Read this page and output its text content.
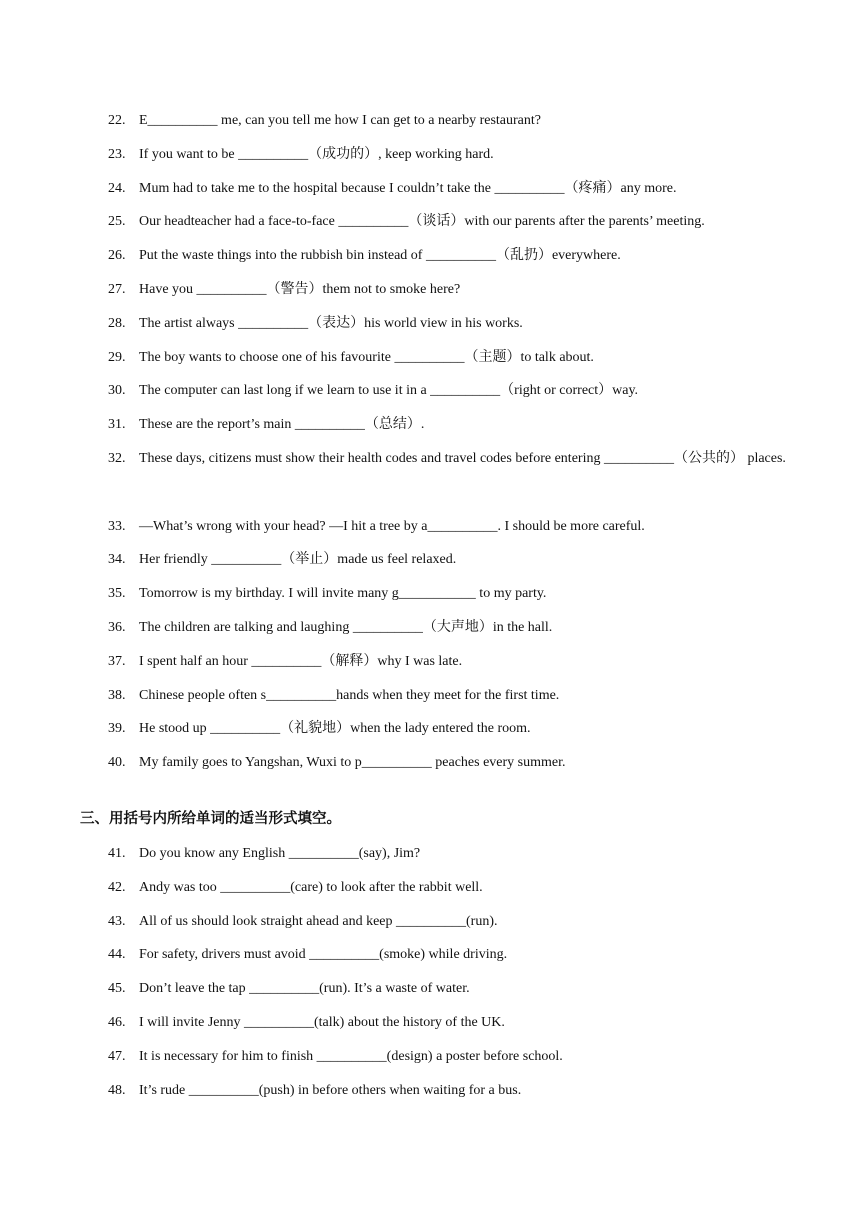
22. E__________ me, can you tell me how I can get to a nearby restaurant?
23. If you want to be __________（成功的）, keep working hard.
24. Mum had to take me to the hospital because I couldn’t take the __________（疼痛）any more.
25. Our headteacher had a face-to-face __________（谈话）with our parents after the parents’ meeting.
26. Put the waste things into the rubbish bin instead of __________（乱扔）everywhere.
27. Have you __________（警告）them not to smoke here?
28. The artist always __________（表达）his world view in his works.
29. The boy wants to choose one of his favourite __________（主题）to talk about.
30. The computer can last long if we learn to use it in a __________（right or correct）way.
31. These are the report’s main __________（总结）.
32. These days, citizens must show their health codes and travel codes before entering __________（公共的） places.
33. —What’s wrong with your head? —I hit a tree by a__________. I should be more careful.
34. Her friendly __________（举止）made us feel relaxed.
35. Tomorrow is my birthday. I will invite many g___________ to my party.
36. The children are talking and laughing __________（大声地）in the hall.
37. I spent half an hour __________（解释）why I was late.
38. Chinese people often s__________hands when they meet for the first time.
39. He stood up __________（礼貌地）when the lady entered the room.
40. My family goes to Yangshan, Wuxi to p__________ peaches every summer.
三、用括号内所给单词的适当形式填空。
41. Do you know any English __________(say), Jim?
42. Andy was too __________(care) to look after the rabbit well.
43. All of us should look straight ahead and keep __________(run).
44. For safety, drivers must avoid __________(smoke) while driving.
45. Don’t leave the tap __________(run). It’s a waste of water.
46. I will invite Jenny __________(talk) about the history of the UK.
47. It is necessary for him to finish __________(design) a poster before school.
48. It’s rude __________(push) in before others when waiting for a bus.
